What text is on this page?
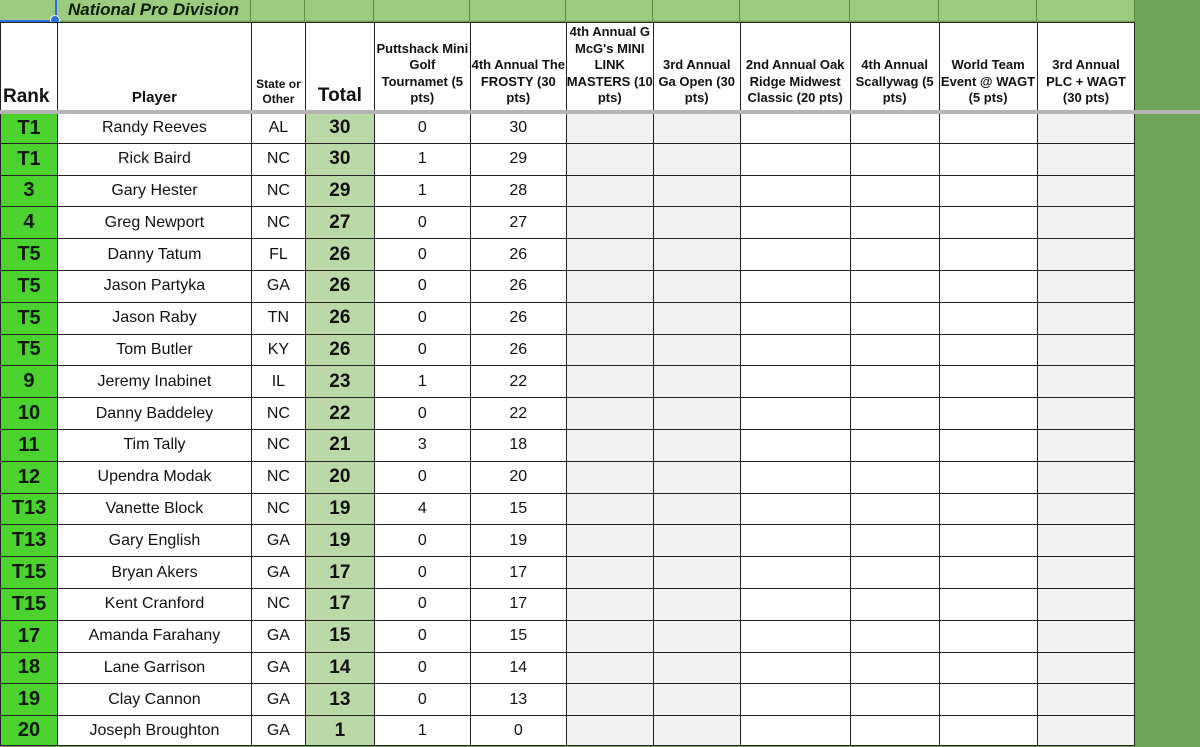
National Pro Division
Rank	Player	State or Other	Total	Puttshack Mini Golf Tournamet (5 pts)	4th Annual The FROSTY (30 pts)	4th Annual G McG's MINI LINK MASTERS (10 pts)	3rd Annual Ga Open (30 pts)	2nd Annual Oak Ridge Midwest Classic (20 pts)	4th Annual Scallywag (5 pts)	World Team Event @ WAGT (5 pts)	3rd Annual PLC + WAGT (30 pts)	
T1	Randy Reeves	AL	30	0	30							
T1	Rick Baird	NC	30	1	29							
3	Gary Hester	NC	29	1	28							
4	Greg Newport	NC	27	0	27							
T5	Danny Tatum	FL	26	0	26							
T5	Jason Partyka	GA	26	0	26							
T5	Jason Raby	TN	26	0	26							
T5	Tom Butler	KY	26	0	26							
9	Jeremy Inabinet	IL	23	1	22							
10	Danny Baddeley	NC	22	0	22							
11	Tim Tally	NC	21	3	18							
12	Upendra Modak	NC	20	0	20							
T13	Vanette Block	NC	19	4	15							
T13	Gary English	GA	19	0	19							
T15	Bryan Akers	GA	17	0	17							
T15	Kent Cranford	NC	17	0	17							
17	Amanda Farahany	GA	15	0	15							
18	Lane Garrison	GA	14	0	14							
19	Clay Cannon	GA	13	0	13							
20	Joseph Broughton	GA	1	1	0							
